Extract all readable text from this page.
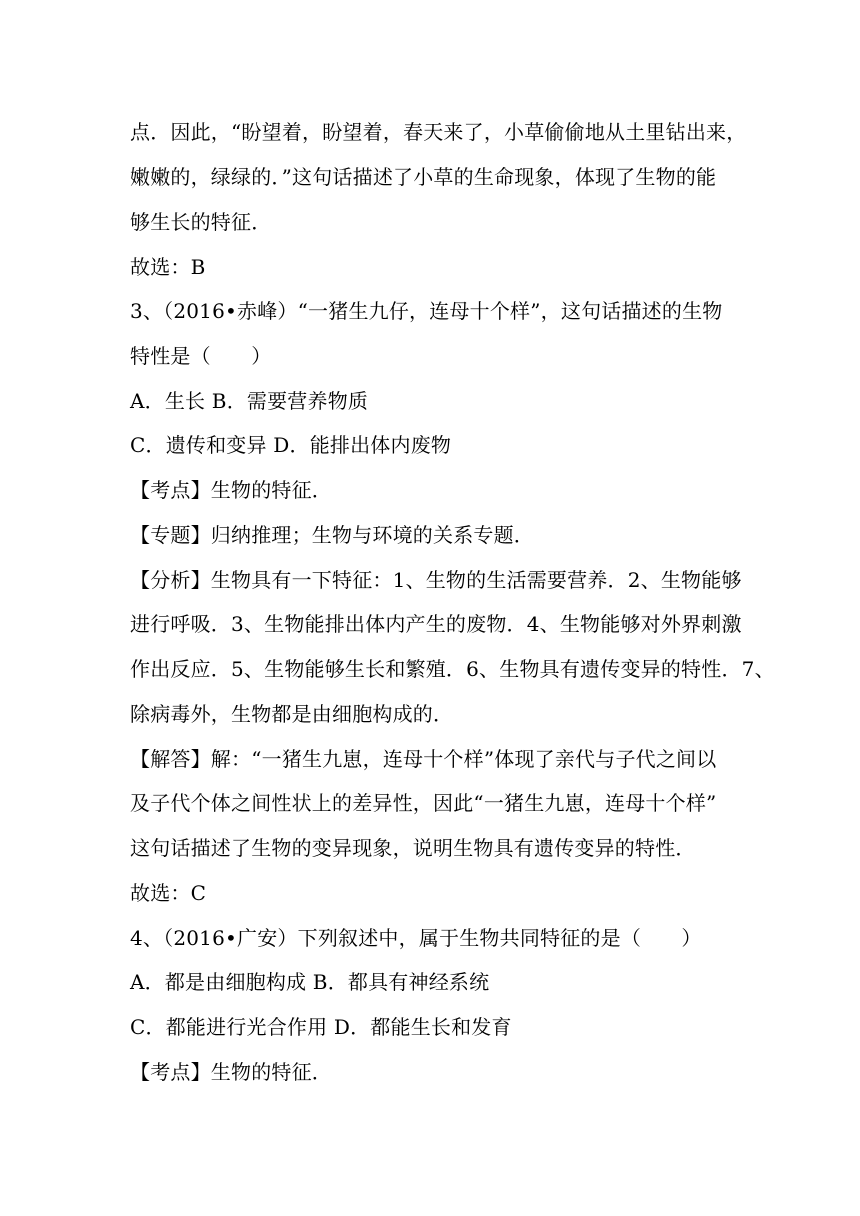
点．因此，“盼望着，盼望着，春天来了，小草偷偷地从土里钻出来，
嫩嫩的，绿绿的．”这句话描述了小草的生命现象，体现了生物的能
够生长的特征．
故选：B
3、（2016•赤峰）“一猪生九仔，连母十个样”，这句话描述的生物
特性是（　　）
A．生长 B．需要营养物质
C．遗传和变异 D．能排出体内废物
【考点】生物的特征．
【专题】归纳推理；生物与环境的关系专题．
【分析】生物具有一下特征：1、生物的生活需要营养．2、生物能够
进行呼吸．3、生物能排出体内产生的废物．4、生物能够对外界刺激
作出反应．5、生物能够生长和繁殖．6、生物具有遗传变异的特性．7、
除病毒外，生物都是由细胞构成的．
【解答】解：“一猪生九崽，连母十个样”体现了亲代与子代之间以
及子代个体之间性状上的差异性，因此“一猪生九崽，连母十个样”
这句话描述了生物的变异现象，说明生物具有遗传变异的特性．
故选：C
4、（2016•广安）下列叙述中，属于生物共同特征的是（　　）
A．都是由细胞构成 B．都具有神经系统
C．都能进行光合作用 D．都能生长和发育
【考点】生物的特征．
